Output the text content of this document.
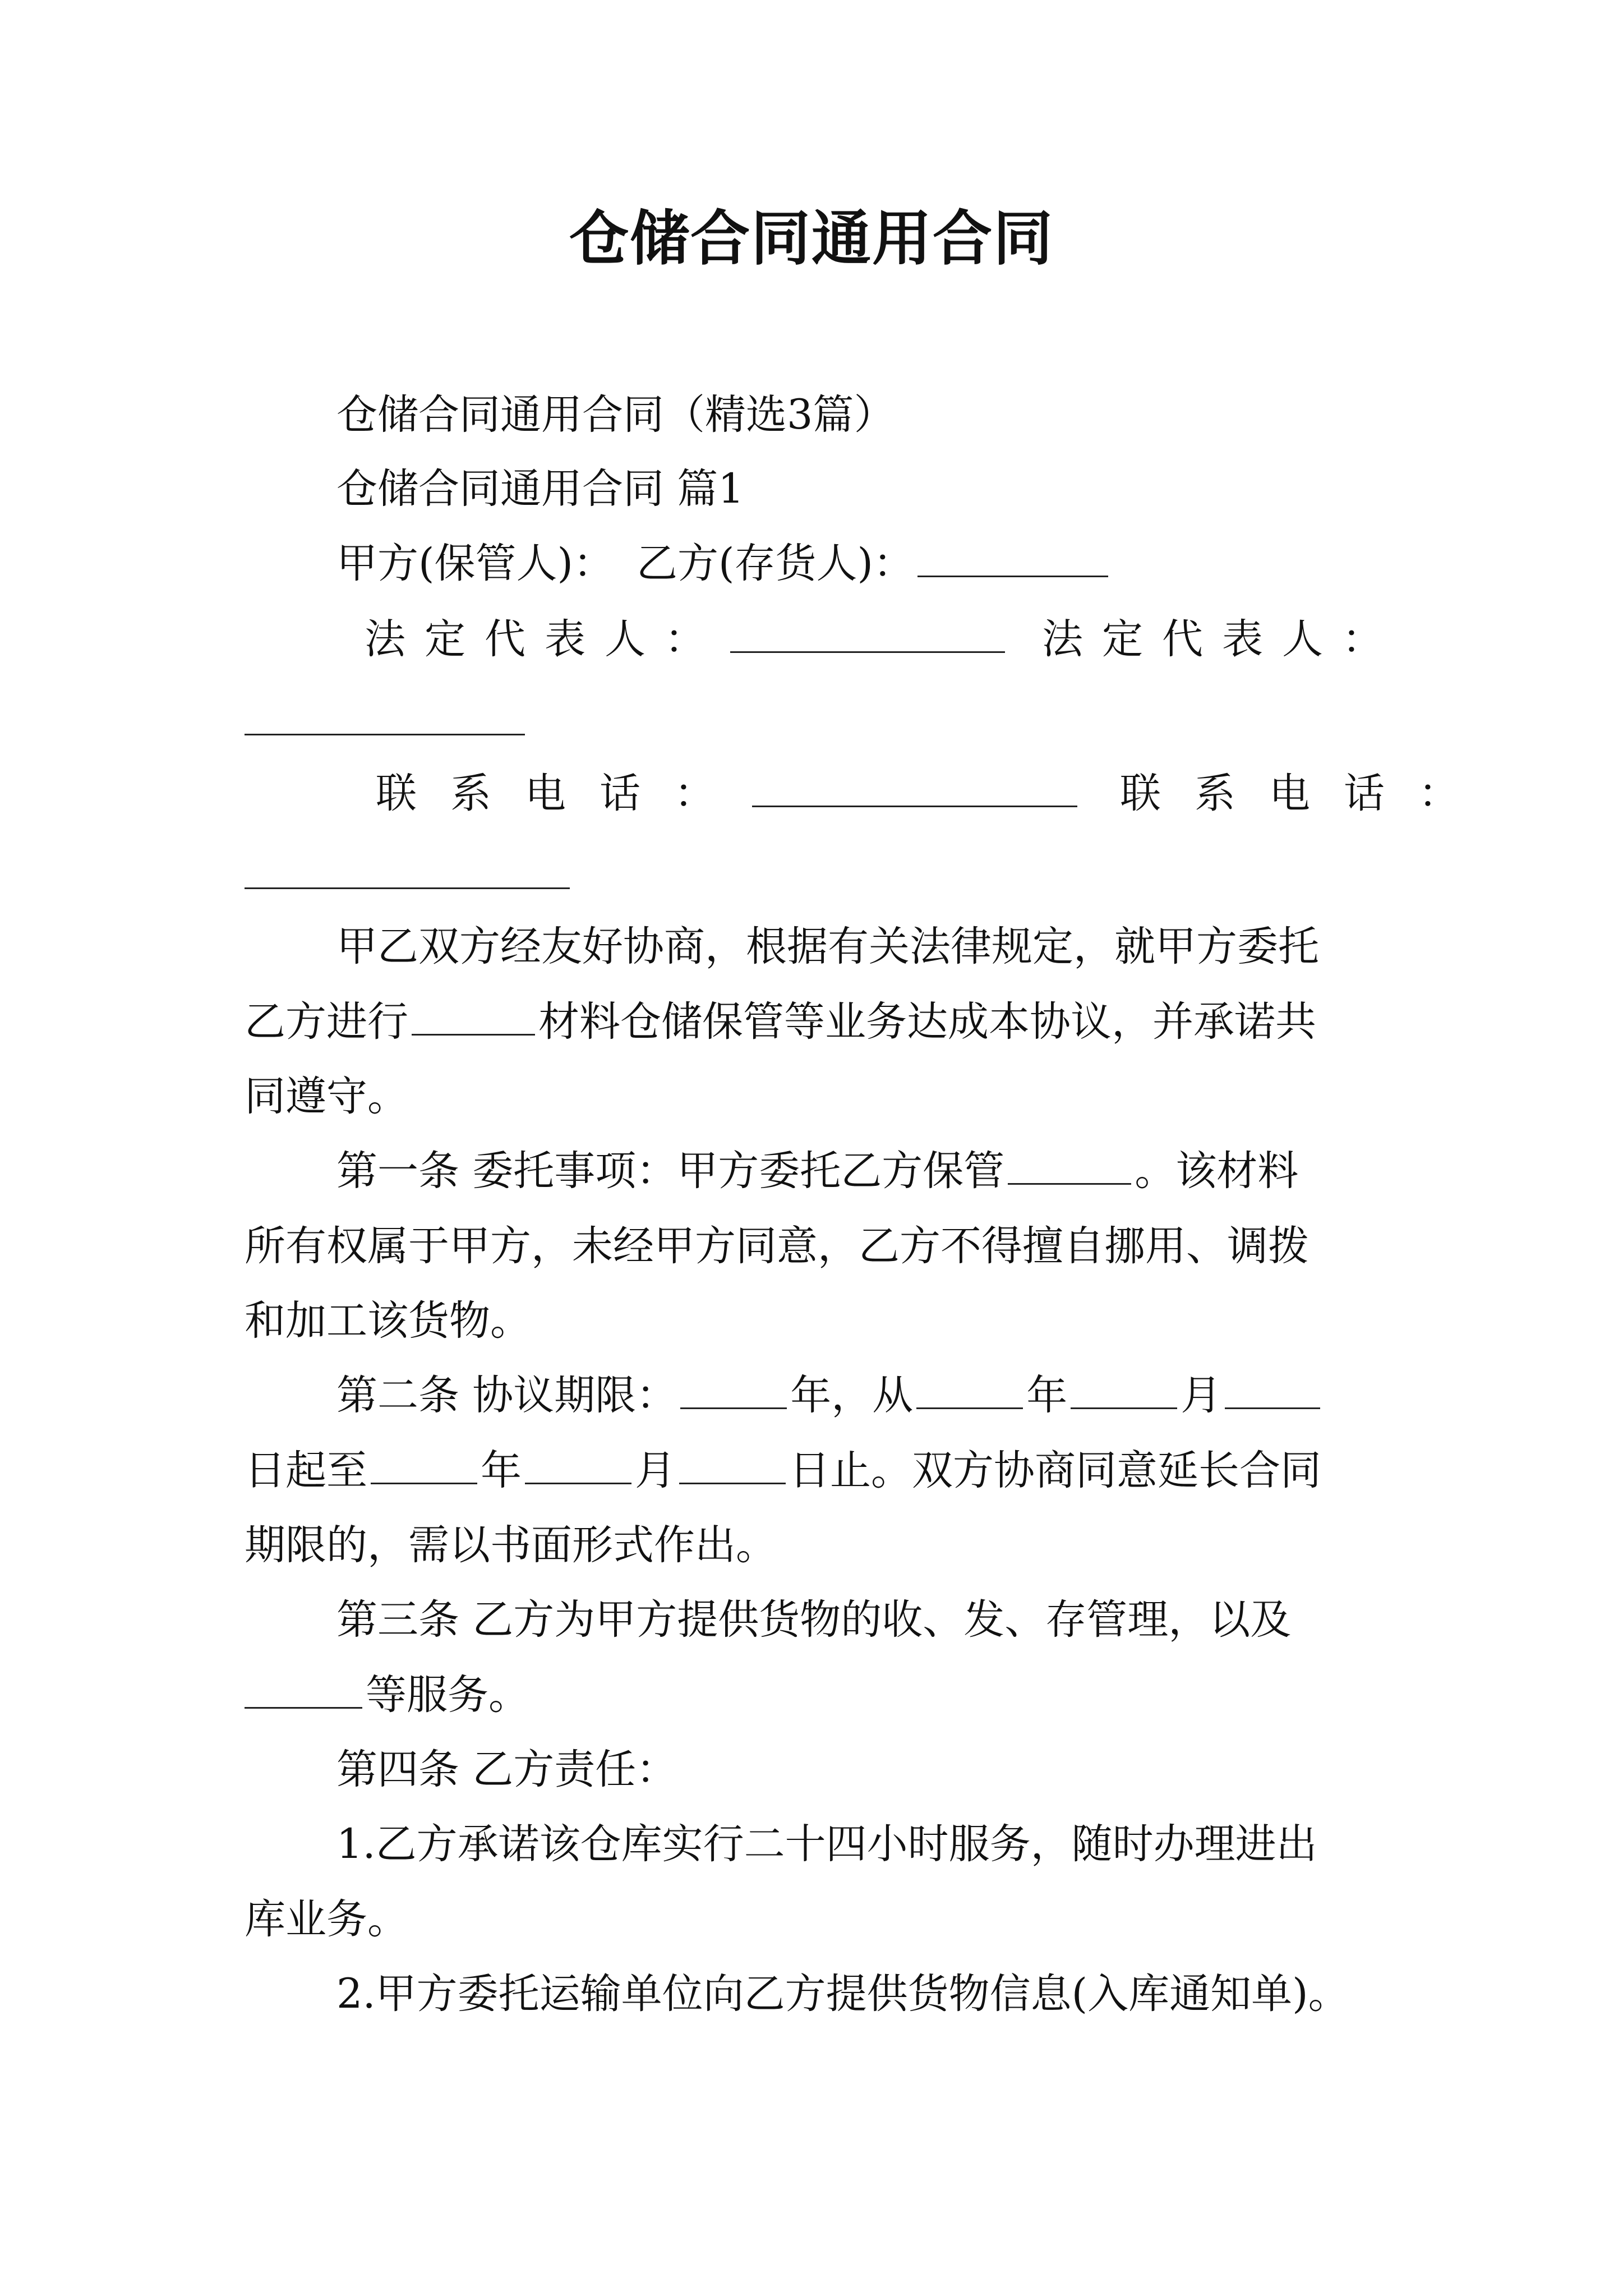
仓储合同通用合同
仓储合同通用合同（精选3篇）
仓储合同通用合同 篇1
甲方(保管人)： 乙方(存货人)：
法定代表人：	法定代表人：
联系电话：	联系电话：
甲乙双方经友好协商，根据有关法律规定，就甲方委托
乙方进行	材料仓储保管等业务达成本协议，并承诺共
同遵守。
第一条 委托事项：甲方委托乙方保管	。该材料
所有权属于甲方，未经甲方同意，乙方不得擅自挪用、调拨
和加工该货物。
第二条 协议期限：	年，从	年	月
日起至	年	月	日止。双方协商同意延长合同
期限的，需以书面形式作出。
第三条 乙方为甲方提供货物的收、发、存管理，以及
等服务。
第四条 乙方责任：
1.乙方承诺该仓库实行二十四小时服务，随时办理进出
库业务。
2.甲方委托运输单位向乙方提供货物信息(入库通知单)。
